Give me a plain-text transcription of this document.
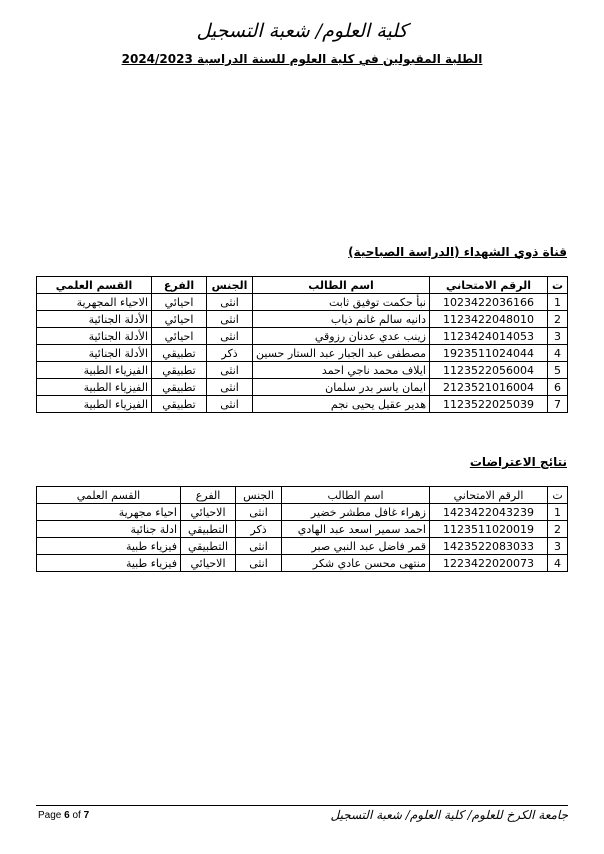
كلية العلوم/ شعبة التسجيل
الطلبة المقبولين في كلية العلوم للسنة الدراسية 2024/2023
قناة ذوي الشهداء (الدراسة الصباحية)
ت	الرقم الامتحاني	اسم الطالب	الجنس	الفرع	القسم العلمي
1	1023422036166	نبأ حكمت توفيق ثابت	انثى	احيائي	الاحياء المجهرية
2	1123422048010	دانيه سالم غانم ذياب	انثى	احيائي	الأدلة الجنائية
3	1123424014053	زينب عدي عدنان رزوقي	انثى	احيائي	الأدلة الجنائية
4	1923511024044	مصطفى عبد الجبار عبد الستار حسين	ذكر	تطبيقي	الأدلة الجنائية
5	1123522056004	ايلاف محمد ناجي احمد	انثى	تطبيقي	الفيزياء الطبية
6	2123521016004	ايمان ياسر بدر سلمان	انثى	تطبيقي	الفيزياء الطبية
7	1123522025039	هدير عقيل يحيى نجم	انثى	تطبيقي	الفيزياء الطبية
نتائج الاعتراضات
ت	الرقم الامتحاني	اسم الطالب	الجنس	الفرع	القسم العلمي
1	1423422043239	زهراء غافل مطشر خضير	انثى	الاحيائي	احياء مجهرية
2	1123511020019	احمد سمير اسعد عبد الهادي	ذكر	التطبيقي	ادلة جنائية
3	1423522083033	قمر فاضل عبد النبي صبر	انثى	التطبيقي	فيزياء طبية
4	1223422020073	منتهى محسن عادي شكر	انثى	الاحيائي	فيزياء طبية
Page 6 of 7	جامعة الكرخ للعلوم/ كلية العلوم/ شعبة التسجيل
